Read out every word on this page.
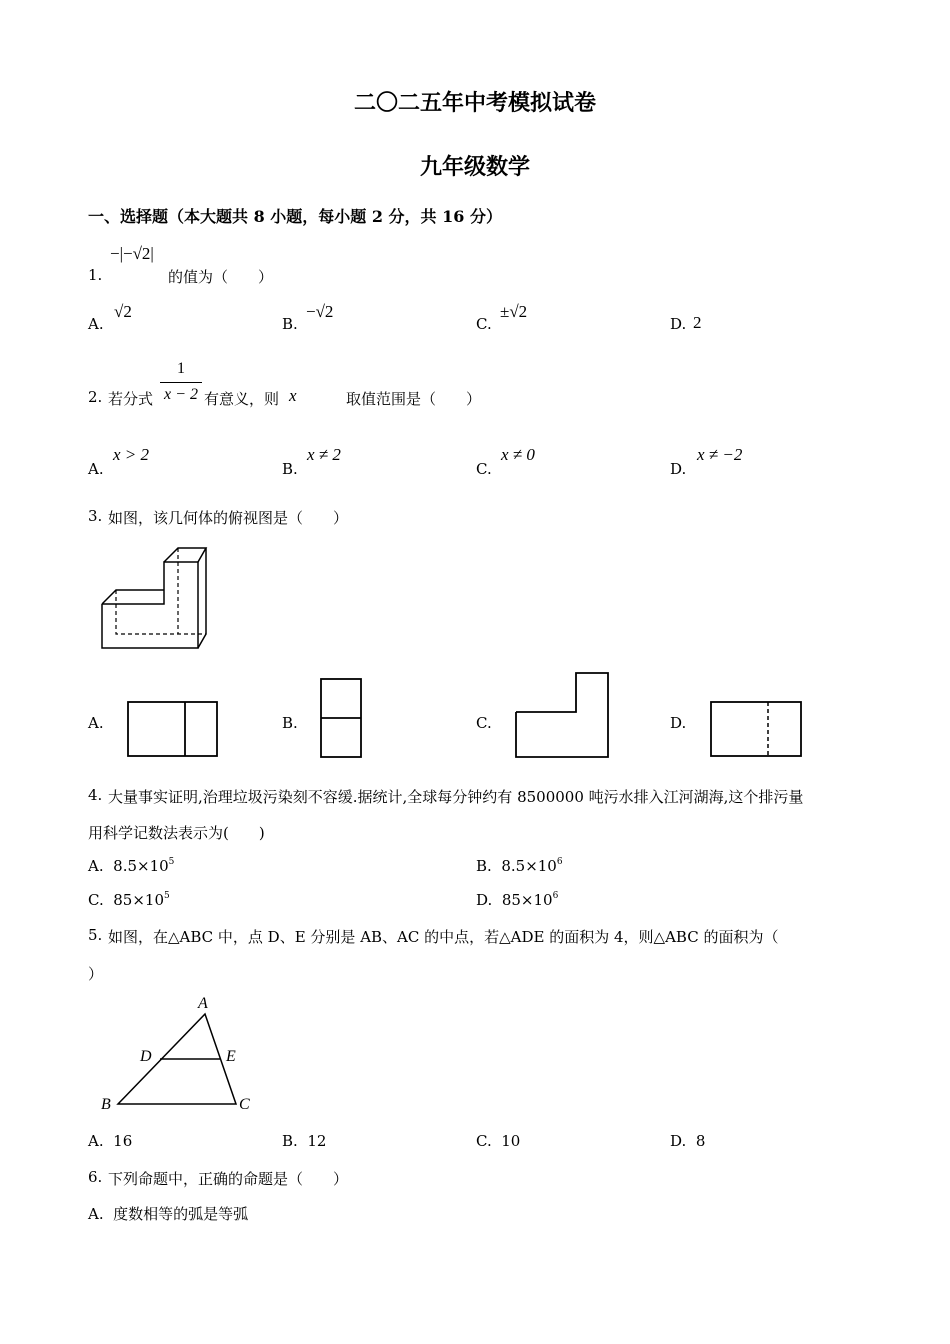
二〇二五年中考模拟试卷
九年级数学
一、选择题（本大题共 8 小题，每小题 2 分，共 16 分）
1.
−|−√2|
的值为（　　）
A.
√2
B.
−√2
C.
±√2
D. 2
2. 若分式
1
x − 2 有意义，则 x	取值范围是（　　）
A.
x > 2
B.
x ≠ 2
C.
x ≠ 0
D.
x ≠ −2
3. 如图，该几何体的俯视图是（　　）
A.	B.	C.	D.
4. 大量事实证明,治理垃圾污染刻不容缓.据统计,全球每分钟约有 8500000 吨污水排入江河湖海,这个排污量
用科学记数法表示为(　　)
A. $8.5\times 10^5$	B. $8.5\times 10^6$
C. $85\times 10^5$	D. $85\times 10^6$
5. 如图，在△ABC 中，点 D、E 分别是 AB、AC 的中点，若△ADE 的面积为 4，则△ABC 的面积为（
）
A
D	E
B	C
A. 16	B. 12	C. 10	D. 8
6. 下列命题中，正确的命题是（　　）
A. 度数相等的弧是等弧
